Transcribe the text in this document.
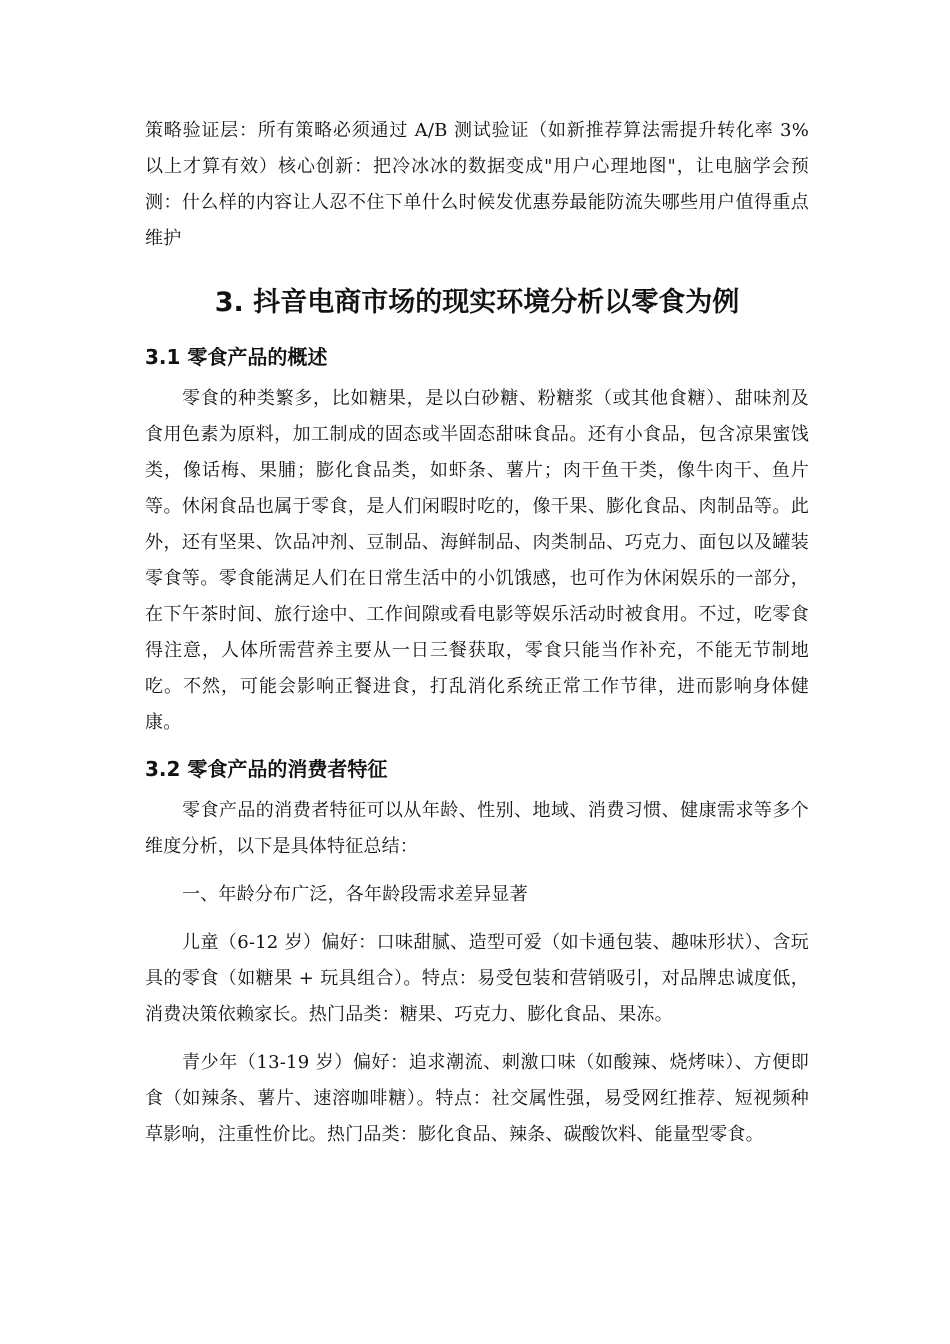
策略验证层：所有策略必须通过 A/B 测试验证（如新推荐算法需提升转化率 3% 以上才算有效）核心创新：把冷冰冰的数据变成"用户心理地图"，让电脑学会预测：什么样的内容让人忍不住下单什么时候发优惠券最能防流失哪些用户值得重点维护

3. 抖音电商市场的现实环境分析以零食为例
3.1 零食产品的概述

零食的种类繁多，比如糖果，是以白砂糖、粉糖浆（或其他食糖）、甜味剂及食用色素为原料，加工制成的固态或半固态甜味食品。还有小食品，包含凉果蜜饯类，像话梅、果脯；膨化食品类，如虾条、薯片；肉干鱼干类，像牛肉干、鱼片等。休闲食品也属于零食，是人们闲暇时吃的，像干果、膨化食品、肉制品等。此外，还有坚果、饮品冲剂、豆制品、海鲜制品、肉类制品、巧克力、面包以及罐装零食等。零食能满足人们在日常生活中的小饥饿感，也可作为休闲娱乐的一部分，在下午茶时间、旅行途中、工作间隙或看电影等娱乐活动时被食用。不过，吃零食得注意，人体所需营养主要从一日三餐获取，零食只能当作补充，不能无节制地吃。不然，可能会影响正餐进食，打乱消化系统正常工作节律，进而影响身体健康。

3.2 零食产品的消费者特征

零食产品的消费者特征可以从年龄、性别、地域、消费习惯、健康需求等多个维度分析，以下是具体特征总结：

一、年龄分布广泛，各年龄段需求差异显著

儿童（6-12 岁）偏好：口味甜腻、造型可爱（如卡通包装、趣味形状）、含玩具的零食（如糖果 + 玩具组合）。特点：易受包装和营销吸引，对品牌忠诚度低，消费决策依赖家长。热门品类：糖果、巧克力、膨化食品、果冻。

青少年（13-19 岁）偏好：追求潮流、刺激口味（如酸辣、烧烤味）、方便即食（如辣条、薯片、速溶咖啡糖）。特点：社交属性强，易受网红推荐、短视频种草影响，注重性价比。热门品类：膨化食品、辣条、碳酸饮料、能量型零食。
